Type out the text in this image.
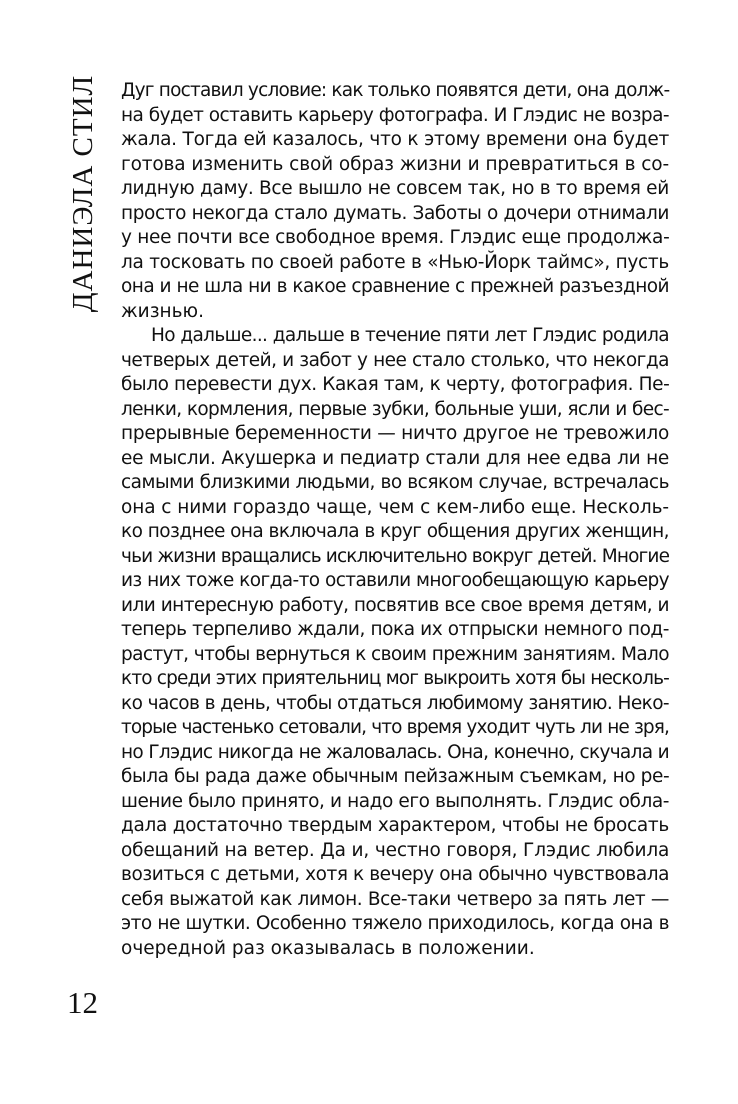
ДАНИЭЛА СТИЛ Дуг поставил условие: как только появятся дети, она долж-
на будет оставить карьеру фотографа. И Глэдис не возра-
жала. Тогда ей казалось, что к этому времени она будет
готова изменить свой образ жизни и превратиться в со-
лидную даму. Все вышло не совсем так, но в то время ей
просто некогда стало думать. Заботы о дочери отнимали
у нее почти все свободное время. Глэдис еще продолжа-
ла тосковать по своей работе в «Нью-Йорк таймс», пусть
она и не шла ни в какое сравнение с прежней разъездной
жизнью.
Но дальше... дальше в течение пяти лет Глэдис родила
четверых детей, и забот у нее стало столько, что некогда
было перевести дух. Какая там, к черту, фотография. Пе-
ленки, кормления, первые зубки, больные уши, ясли и бес-
прерывные беременности — ничто другое не тревожило
ее мысли. Акушерка и педиатр стали для нее едва ли не
самыми близкими людьми, во всяком случае, встречалась
она с ними гораздо чаще, чем с кем-либо еще. Несколь-
ко позднее она включала в круг общения других женщин,
чьи жизни вращались исключительно вокруг детей. Многие
из них тоже когда-то оставили многообещающую карьеру
или интересную работу, посвятив все свое время детям, и
теперь терпеливо ждали, пока их отпрыски немного под-
растут, чтобы вернуться к своим прежним занятиям. Мало
кто среди этих приятельниц мог выкроить хотя бы несколь-
ко часов в день, чтобы отдаться любимому занятию. Неко-
торые частенько сетовали, что время уходит чуть ли не зря,
но Глэдис никогда не жаловалась. Она, конечно, скучала и
была бы рада даже обычным пейзажным съемкам, но ре-
шение было принято, и надо его выполнять. Глэдис обла-
дала достаточно твердым характером, чтобы не бросать
обещаний на ветер. Да и, честно говоря, Глэдис любила
возиться с детьми, хотя к вечеру она обычно чувствовала
себя выжатой как лимон. Все-таки четверо за пять лет —
это не шутки. Особенно тяжело приходилось, когда она в
очередной раз оказывалась в положении.
12
